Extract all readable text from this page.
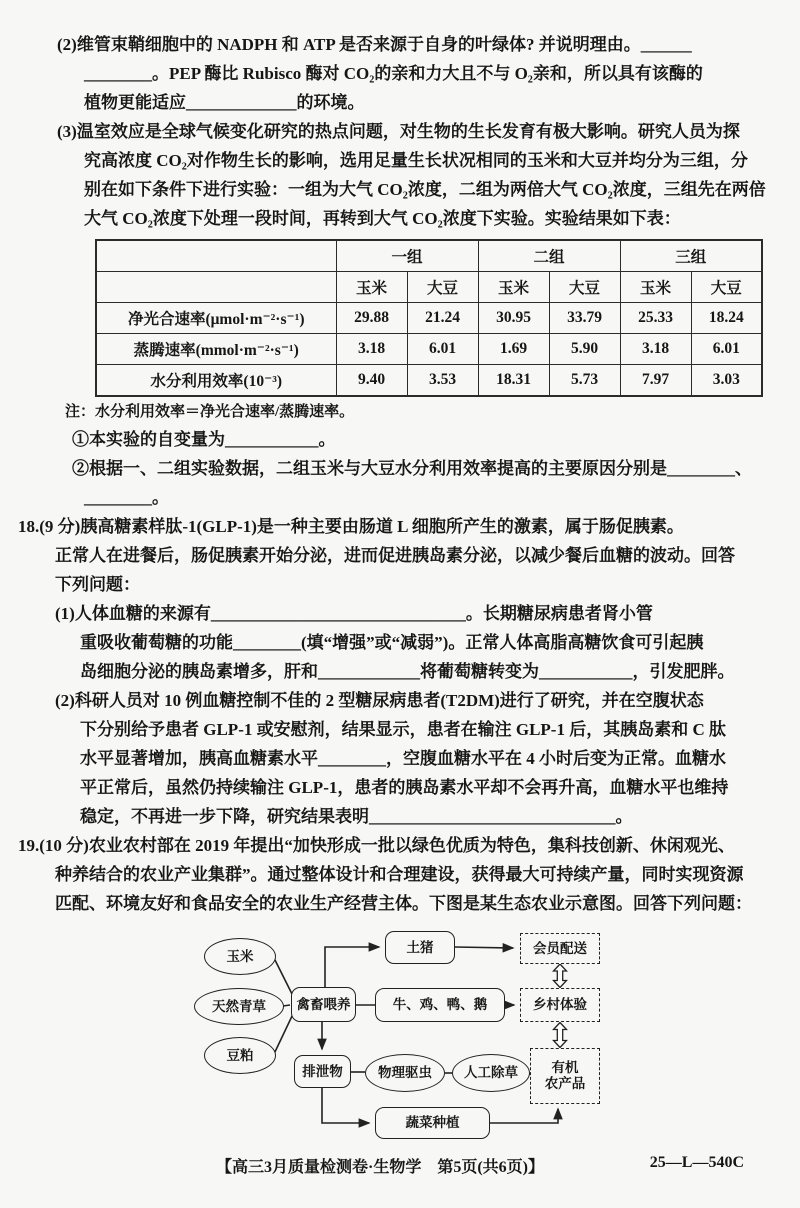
(2)维管束鞘细胞中的 NADPH 和 ATP 是否来源于自身的叶绿体? 并说明理由。______
________。PEP 酶比 Rubisco 酶对 CO₂的亲和力大且不与 O₂亲和，所以具有该酶的
植物更能适应_____________的环境。
(3)温室效应是全球气候变化研究的热点问题，对生物的生长发育有极大影响。研究人员为探
究高浓度 CO₂对作物生长的影响，选用足量生长状况相同的玉米和大豆并均分为三组，分
别在如下条件下进行实验：一组为大气 CO₂浓度，二组为两倍大气 CO₂浓度，三组先在两倍
大气 CO₂浓度下处理一段时间，再转到大气 CO₂浓度下实验。实验结果如下表：
	一组		二组		三组	
	玉米	大豆	玉米	大豆	玉米	大豆
净光合速率(μmol·m⁻²·s⁻¹)	29.88	21.24	30.95	33.79	25.33	18.24
蒸腾速率(mmol·m⁻²·s⁻¹)	3.18	6.01	1.69	5.90	3.18	6.01
水分利用效率(10⁻³)	9.40	3.53	18.31	5.73	7.97	3.03
注：水分利用效率＝净光合速率/蒸腾速率。
①本实验的自变量为___________。
②根据一、二组实验数据，二组玉米与大豆水分利用效率提高的主要原因分别是________、
________。
18.(9 分)胰高糖素样肽-1(GLP-1)是一种主要由肠道 L 细胞所产生的激素，属于肠促胰素。
正常人在进餐后，肠促胰素开始分泌，进而促进胰岛素分泌，以减少餐后血糖的波动。回答
下列问题：
(1)人体血糖的来源有______________________________。长期糖尿病患者肾小管
重吸收葡萄糖的功能________(填“增强”或“减弱”)。正常人体高脂高糖饮食可引起胰
岛细胞分泌的胰岛素增多，肝和____________将葡萄糖转变为___________，引发肥胖。
(2)科研人员对 10 例血糖控制不佳的 2 型糖尿病患者(T2DM)进行了研究，并在空腹状态
下分别给予患者 GLP-1 或安慰剂，结果显示，患者在输注 GLP-1 后，其胰岛素和 C 肽
水平显著增加，胰高血糖素水平________，空腹血糖水平在 4 小时后变为正常。血糖水
平正常后，虽然仍持续输注 GLP-1，患者的胰岛素水平却不会再升高，血糖水平也维持
稳定，不再进一步下降，研究结果表明_____________________________。
19.(10 分)农业农村部在 2019 年提出“加快形成一批以绿色优质为特色，集科技创新、休闲观光、
种养结合的农业产业集群”。通过整体设计和合理建设，获得最大可持续产量，同时实现资源
匹配、环境友好和食品安全的农业生产经营主体。下图是某生态农业示意图。回答下列问题：
玉米
天然青草
豆粕
禽畜喂养
土猪	会员配送
牛、鸡、鸭、鹅	乡村体验
排泄物	物理驱虫	人工除草	有机
农产品
蔬菜种植
【高三3月质量检测卷·生物学　第5页(共6页)】	25—L—540C
